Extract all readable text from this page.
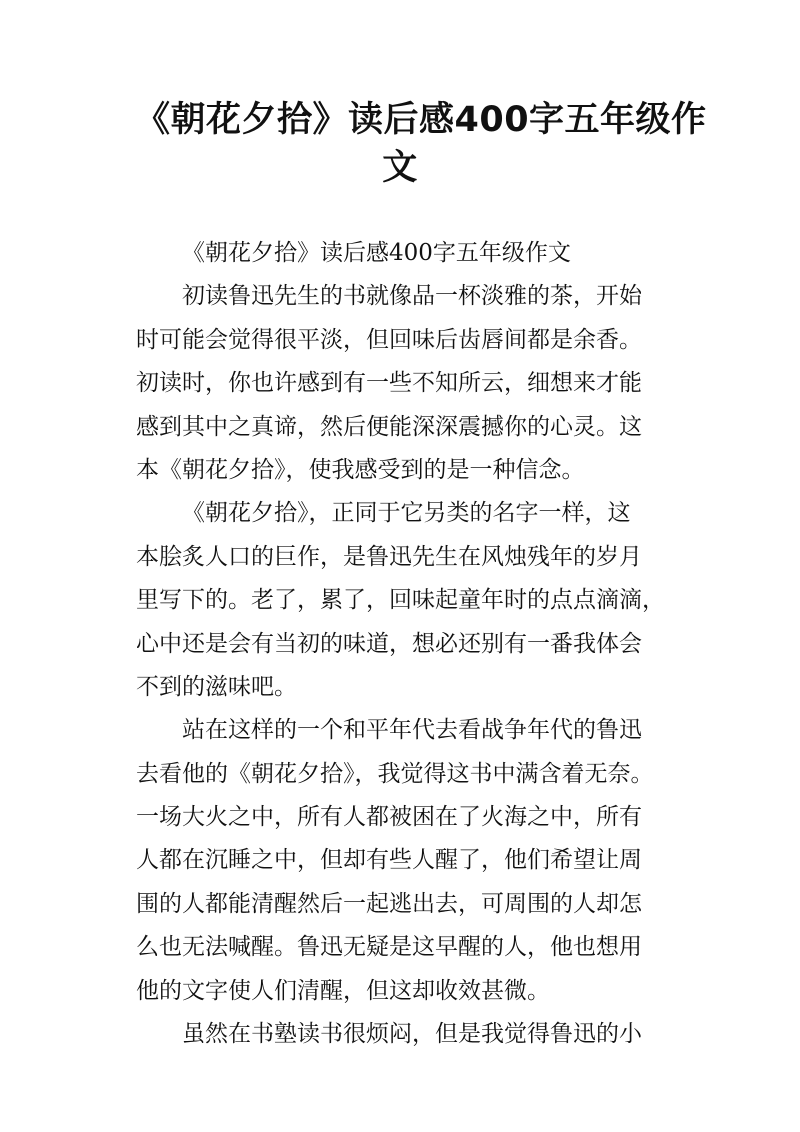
《朝花夕拾》读后感400字五年级作
文
《朝花夕拾》读后感400字五年级作文
初读鲁迅先生的书就像品一杯淡雅的茶，开始
时可能会觉得很平淡，但回味后齿唇间都是余香。
初读时，你也许感到有一些不知所云，细想来才能
感到其中之真谛，然后便能深深震撼你的心灵。这
本《朝花夕拾》，使我感受到的是一种信念。
《朝花夕拾》，正同于它另类的名字一样，这
本脍炙人口的巨作，是鲁迅先生在风烛残年的岁月
里写下的。老了，累了，回味起童年时的点点滴滴，
心中还是会有当初的味道，想必还别有一番我体会
不到的滋味吧。
站在这样的一个和平年代去看战争年代的鲁迅
去看他的《朝花夕拾》，我觉得这书中满含着无奈。
一场大火之中，所有人都被困在了火海之中，所有
人都在沉睡之中，但却有些人醒了，他们希望让周
围的人都能清醒然后一起逃出去，可周围的人却怎
么也无法喊醒。鲁迅无疑是这早醒的人，他也想用
他的文字使人们清醒，但这却收效甚微。
虽然在书塾读书很烦闷，但是我觉得鲁迅的小
